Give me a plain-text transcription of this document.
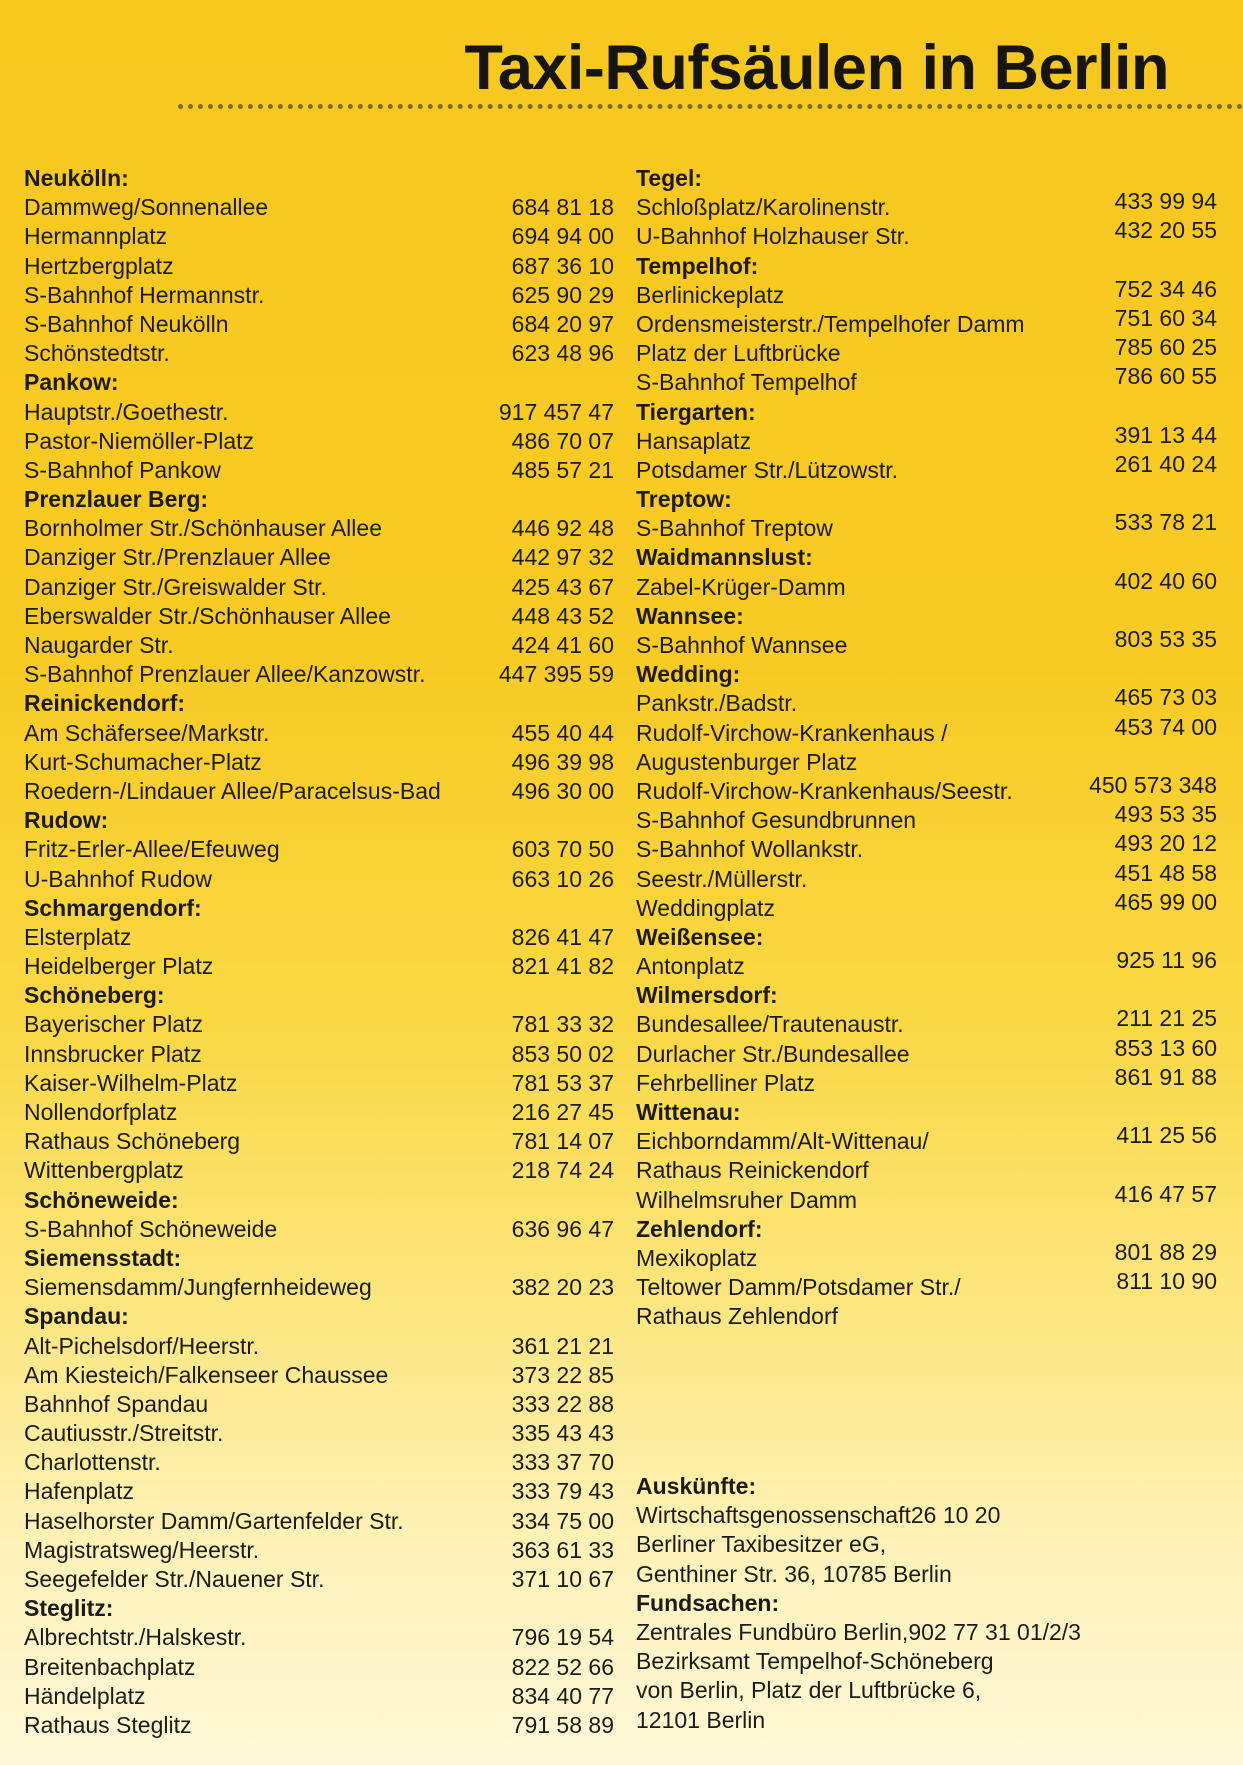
Taxi-Rufsäulen in Berlin
Neukölln:
Dammweg/Sonnenallee	684 81 18
Hermannplatz	694 94 00
Hertzbergplatz	687 36 10
S-Bahnhof Hermannstr.	625 90 29
S-Bahnhof Neukölln	684 20 97
Schönstedtstr.	623 48 96
Pankow:
Hauptstr./Goethestr.	917 457 47
Pastor-Niemöller-Platz	486 70 07
S-Bahnhof Pankow	485 57 21
Prenzlauer Berg:
Bornholmer Str./Schönhauser Allee	446 92 48
Danziger Str./Prenzlauer Allee	442 97 32
Danziger Str./Greiswalder Str.	425 43 67
Eberswalder Str./Schönhauser Allee	448 43 52
Naugarder Str.	424 41 60
S-Bahnhof Prenzlauer Allee/Kanzowstr.	447 395 59
Reinickendorf:
Am Schäfersee/Markstr.	455 40 44
Kurt-Schumacher-Platz	496 39 98
Roedern-/Lindauer Allee/Paracelsus-Bad	496 30 00
Rudow:
Fritz-Erler-Allee/Efeuweg	603 70 50
U-Bahnhof Rudow	663 10 26
Schmargendorf:
Elsterplatz	826 41 47
Heidelberger Platz	821 41 82
Schöneberg:
Bayerischer Platz	781 33 32
Innsbrucker Platz	853 50 02
Kaiser-Wilhelm-Platz	781 53 37
Nollendorfplatz	216 27 45
Rathaus Schöneberg	781 14 07
Wittenbergplatz	218 74 24
Schöneweide:
S-Bahnhof Schöneweide	636 96 47
Siemensstadt:
Siemensdamm/Jungfernheideweg	382 20 23
Spandau:
Alt-Pichelsdorf/Heerstr.	361 21 21
Am Kiesteich/Falkenseer Chaussee	373 22 85
Bahnhof Spandau	333 22 88
Cautiusstr./Streitstr.	335 43 43
Charlottenstr.	333 37 70
Hafenplatz	333 79 43
Haselhorster Damm/Gartenfelder Str.	334 75 00
Magistratsweg/Heerstr.	363 61 33
Seegefelder Str./Nauener Str.	371 10 67
Steglitz:
Albrechtstr./Halskestr.	796 19 54
Breitenbachplatz	822 52 66
Händelplatz	834 40 77
Rathaus Steglitz	791 58 89
Tegel:
Schloßplatz/Karolinenstr.	433 99 94
U-Bahnhof Holzhauser Str.	432 20 55
Tempelhof:
Berlinickeplatz	752 34 46
Ordensmeisterstr./Tempelhofer Damm	751 60 34
Platz der Luftbrücke	785 60 25
S-Bahnhof Tempelhof	786 60 55
Tiergarten:
Hansaplatz	391 13 44
Potsdamer Str./Lützowstr.	261 40 24
Treptow:
S-Bahnhof Treptow	533 78 21
Waidmannslust:
Zabel-Krüger-Damm	402 40 60
Wannsee:
S-Bahnhof Wannsee	803 53 35
Wedding:
Pankstr./Badstr.	465 73 03
Rudolf-Virchow-Krankenhaus /	453 74 00
Augustenburger Platz
Rudolf-Virchow-Krankenhaus/Seestr.	450 573 348
S-Bahnhof Gesundbrunnen	493 53 35
S-Bahnhof Wollankstr.	493 20 12
Seestr./Müllerstr.	451 48 58
Weddingplatz	465 99 00
Weißensee:
Antonplatz	925 11 96
Wilmersdorf:
Bundesallee/Trautenaustr.	211 21 25
Durlacher Str./Bundesallee	853 13 60
Fehrbelliner Platz	861 91 88
Wittenau:
Eichborndamm/Alt-Wittenau/	411 25 56
Rathaus Reinickendorf
Wilhelmsruher Damm	416 47 57
Zehlendorf:
Mexikoplatz	801 88 29
Teltower Damm/Potsdamer Str./	811 10 90
Rathaus Zehlendorf
Auskünfte:
Wirtschaftsgenossenschaft26 10 20
Berliner Taxibesitzer eG,
Genthiner Str. 36, 10785 Berlin
Fundsachen:
Zentrales Fundbüro Berlin,902 77 31 01/2/3
Bezirksamt Tempelhof-Schöneberg
von Berlin, Platz der Luftbrücke 6,
12101 Berlin
